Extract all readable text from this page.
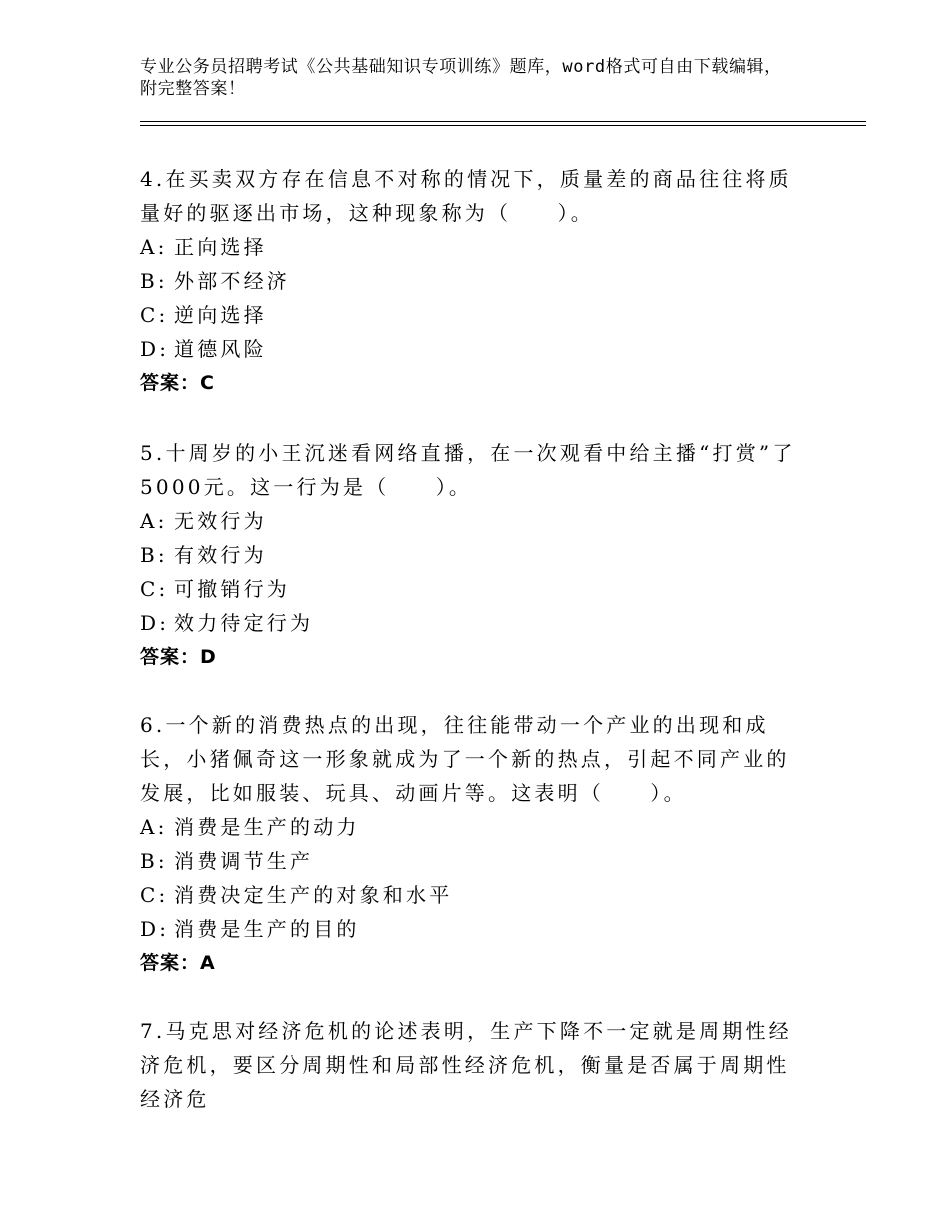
专业公务员招聘考试《公共基础知识专项训练》题库，word格式可自由下载编辑，附完整答案！

4.在买卖双方存在信息不对称的情况下，质量差的商品往往将质量好的驱逐出市场，这种现象称为（　　）。

A: 正向选择

B: 外部不经济

C: 逆向选择

D: 道德风险

答案：C

5.十周岁的小王沉迷看网络直播，在一次观看中给主播“打赏”了5000元。这一行为是（　　）。

A: 无效行为

B: 有效行为

C: 可撤销行为

D: 效力待定行为

答案：D

6.一个新的消费热点的出现，往往能带动一个产业的出现和成长，小猪佩奇这一形象就成为了一个新的热点，引起不同产业的发展，比如服装、玩具、动画片等。这表明（　　）。

A: 消费是生产的动力

B: 消费调节生产

C: 消费决定生产的对象和水平

D: 消费是生产的目的

答案：A

7.马克思对经济危机的论述表明，生产下降不一定就是周期性经济危机，要区分周期性和局部性经济危机，衡量是否属于周期性经济危
